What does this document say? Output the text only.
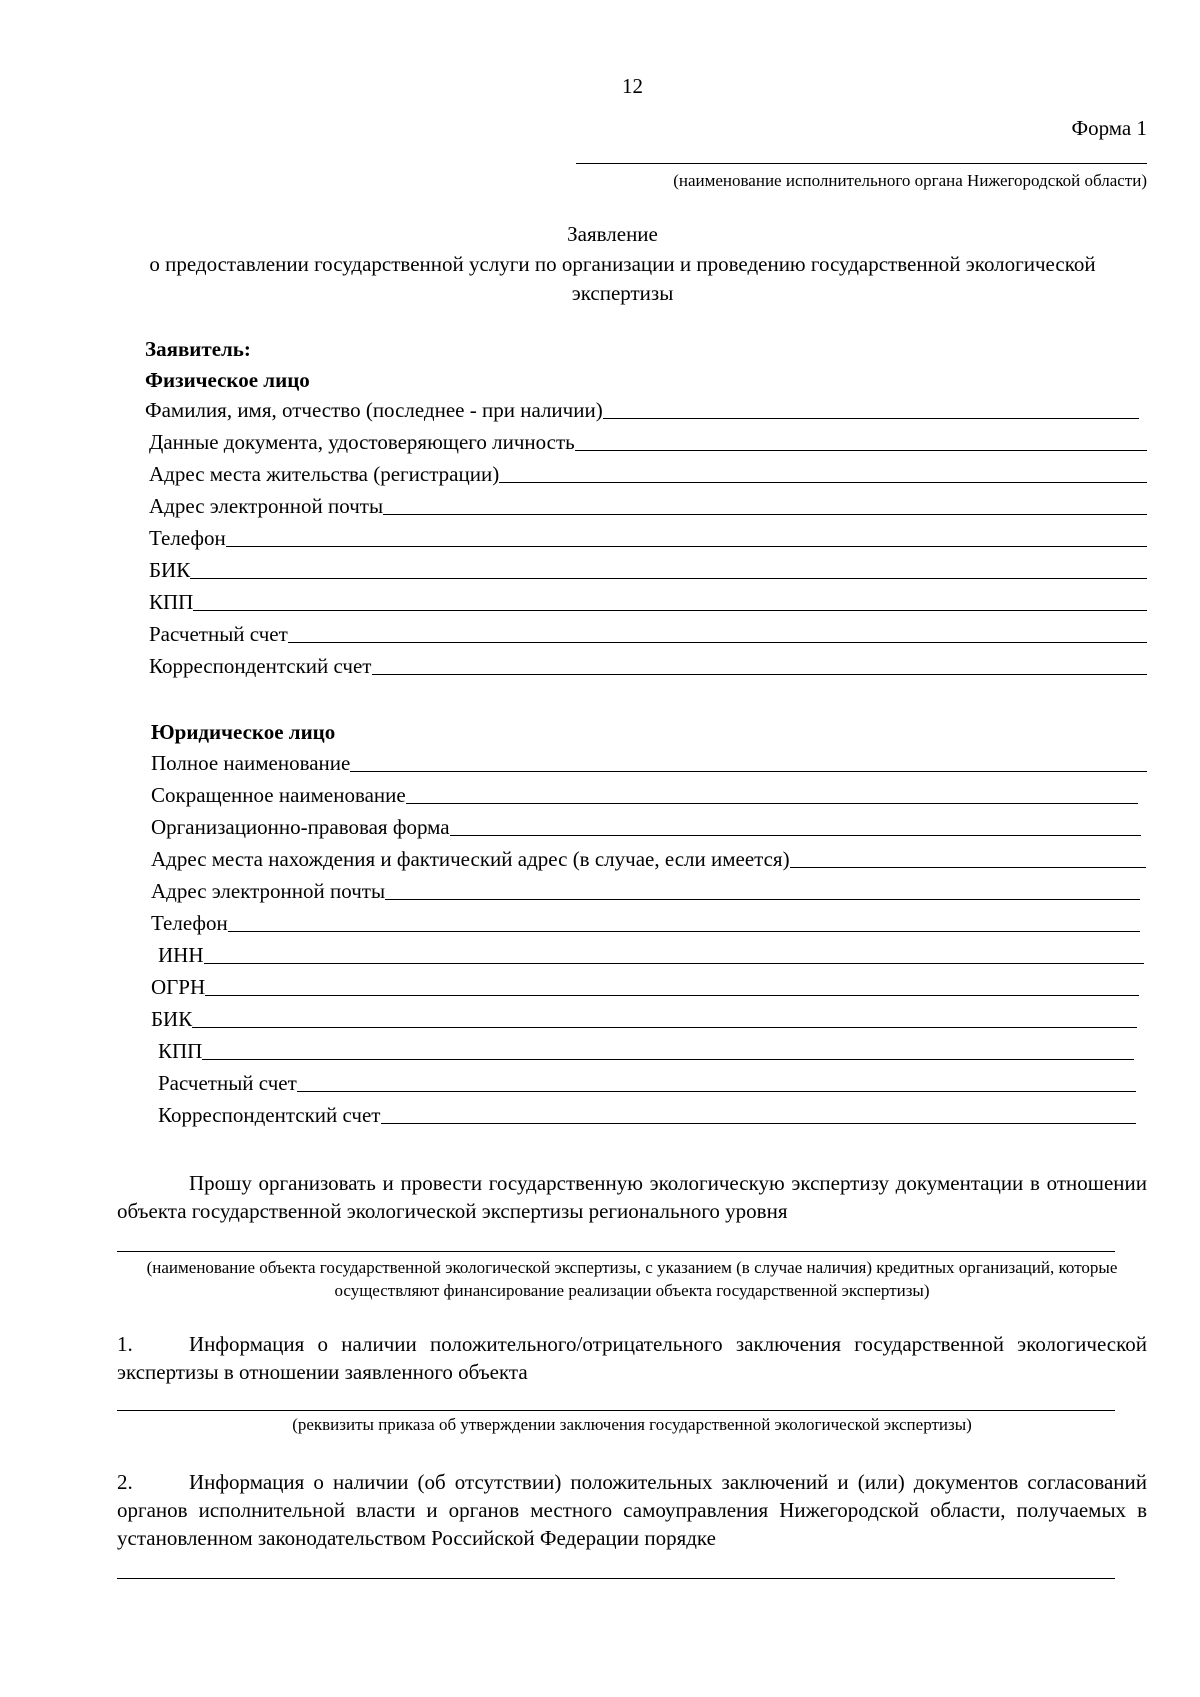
12
Форма 1
(наименование исполнительного органа Нижегородской области)
Заявление
о предоставлении государственной услуги по организации и проведению государственной экологической экспертизы
Заявитель:
Физическое лицо
Фамилия, имя, отчество (последнее - при наличии)
Данные документа, удостоверяющего личность
Адрес места жительства (регистрации)
Адрес электронной почты
Телефон
БИК
КПП
Расчетный счет
Корреспондентский счет
Юридическое лицо
Полное наименование
Сокращенное наименование
Организационно-правовая форма
Адрес места нахождения и фактический адрес (в случае, если имеется)
Адрес электронной почты
Телефон
ИНН
ОГРН
БИК
КПП
Расчетный счет
Корреспондентский счет
Прошу организовать и провести государственную экологическую экспертизу документации в отношении объекта государственной экологической экспертизы регионального уровня
(наименование объекта государственной экологической экспертизы, с указанием (в случае наличия) кредитных организаций, которые осуществляют финансирование реализации объекта государственной экспертизы)
1.	Информация о наличии положительного/отрицательного заключения государственной экологической экспертизы в отношении заявленного объекта
(реквизиты приказа об утверждении заключения государственной экологической экспертизы)
2.	Информация о наличии (об отсутствии) положительных заключений и (или) документов согласований органов исполнительной власти и органов местного самоуправления Нижегородской области, получаемых в установленном законодательством Российской Федерации порядке
